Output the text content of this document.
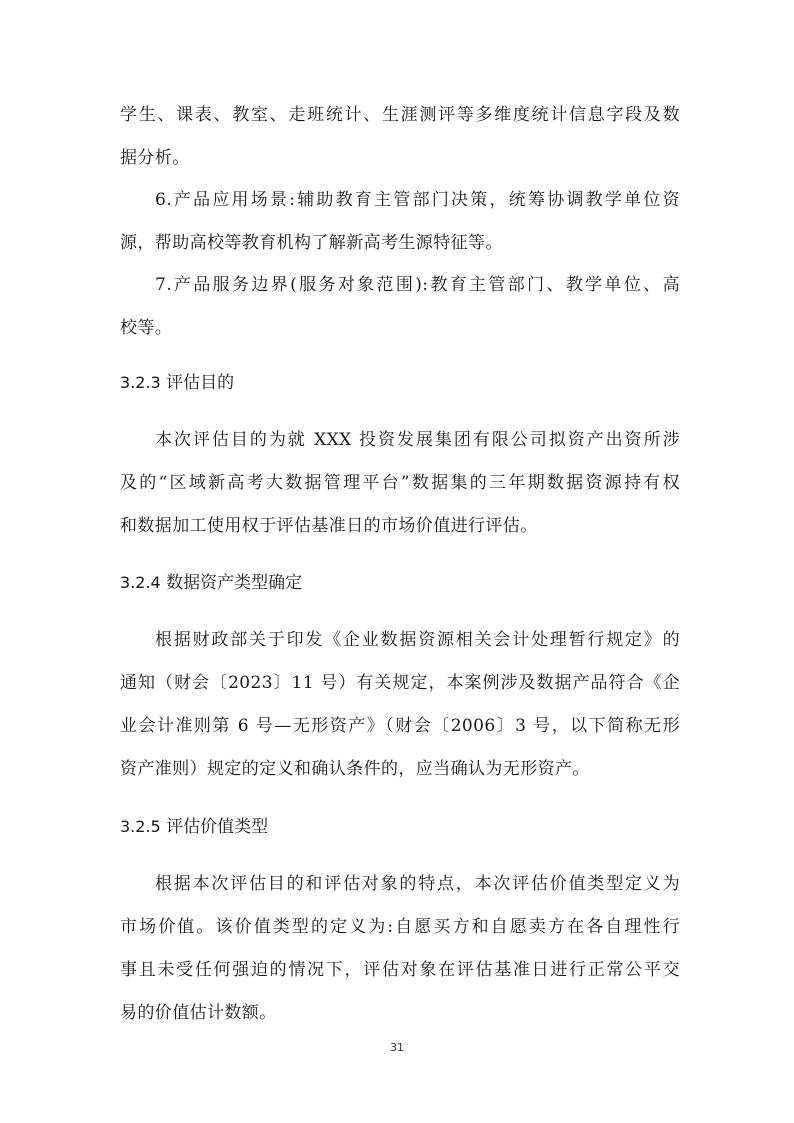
学生、课表、教室、走班统计、生涯测评等多维度统计信息字段及数
据分析。
6.产品应用场景:辅助教育主管部门决策，统筹协调教学单位资
源，帮助高校等教育机构了解新高考生源特征等。
7.产品服务边界(服务对象范围):教育主管部门、教学单位、高
校等。
3.2.3 评估目的
本次评估目的为就 XXX 投资发展集团有限公司拟资产出资所涉
及的“区域新高考大数据管理平台”数据集的三年期数据资源持有权
和数据加工使用权于评估基准日的市场价值进行评估。
3.2.4 数据资产类型确定
根据财政部关于印发《企业数据资源相关会计处理暂行规定》的
通知（财会〔2023〕11 号）有关规定，本案例涉及数据产品符合《企
业会计准则第 6 号—无形资产》（财会〔2006〕3 号，以下简称无形
资产准则）规定的定义和确认条件的，应当确认为无形资产。
3.2.5 评估价值类型
根据本次评估目的和评估对象的特点，本次评估价值类型定义为
市场价值。该价值类型的定义为:自愿买方和自愿卖方在各自理性行
事且未受任何强迫的情况下，评估对象在评估基准日进行正常公平交
易的价值估计数额。
31
